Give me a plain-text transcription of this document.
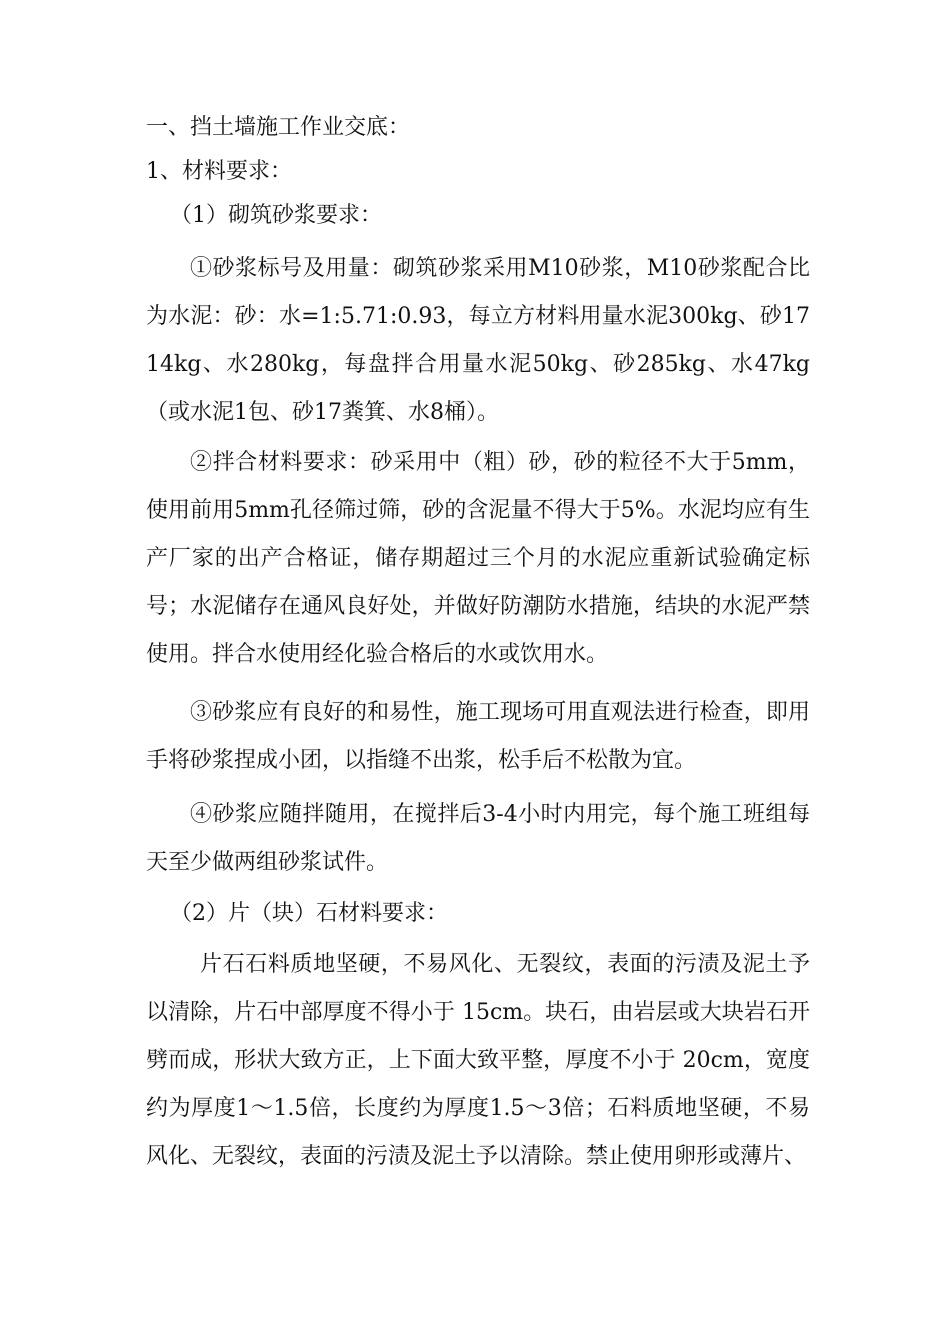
一、挡土墙施工作业交底：

1、材料要求：

（1）砌筑砂浆要求：

①砂浆标号及用量：砌筑砂浆采用M10砂浆，M10砂浆配合比为水泥：砂：水=1:5.71:0.93，每立方材料用量水泥300kg、砂1714kg、水280kg，每盘拌合用量水泥50kg、砂285kg、水47kg（或水泥1包、砂17粪箕、水8桶）。

②拌合材料要求：砂采用中（粗）砂，砂的粒径不大于5mm，使用前用5mm孔径筛过筛，砂的含泥量不得大于5%。水泥均应有生产厂家的出产合格证，储存期超过三个月的水泥应重新试验确定标号；水泥储存在通风良好处，并做好防潮防水措施，结块的水泥严禁使用。拌合水使用经化验合格后的水或饮用水。

③砂浆应有良好的和易性，施工现场可用直观法进行检查，即用手将砂浆捏成小团，以指缝不出浆，松手后不松散为宜。

④砂浆应随拌随用，在搅拌后3-4小时内用完，每个施工班组每天至少做两组砂浆试件。

（2）片（块）石材料要求：

片石石料质地坚硬，不易风化、无裂纹，表面的污渍及泥土予以清除，片石中部厚度不得小于 15cm。块石，由岩层或大块岩石开劈而成，形状大致方正，上下面大致平整，厚度不小于 20cm，宽度约为厚度1～1.5倍，长度约为厚度1.5～3倍；石料质地坚硬，不易风化、无裂纹，表面的污渍及泥土予以清除。禁止使用卵形或薄片、
